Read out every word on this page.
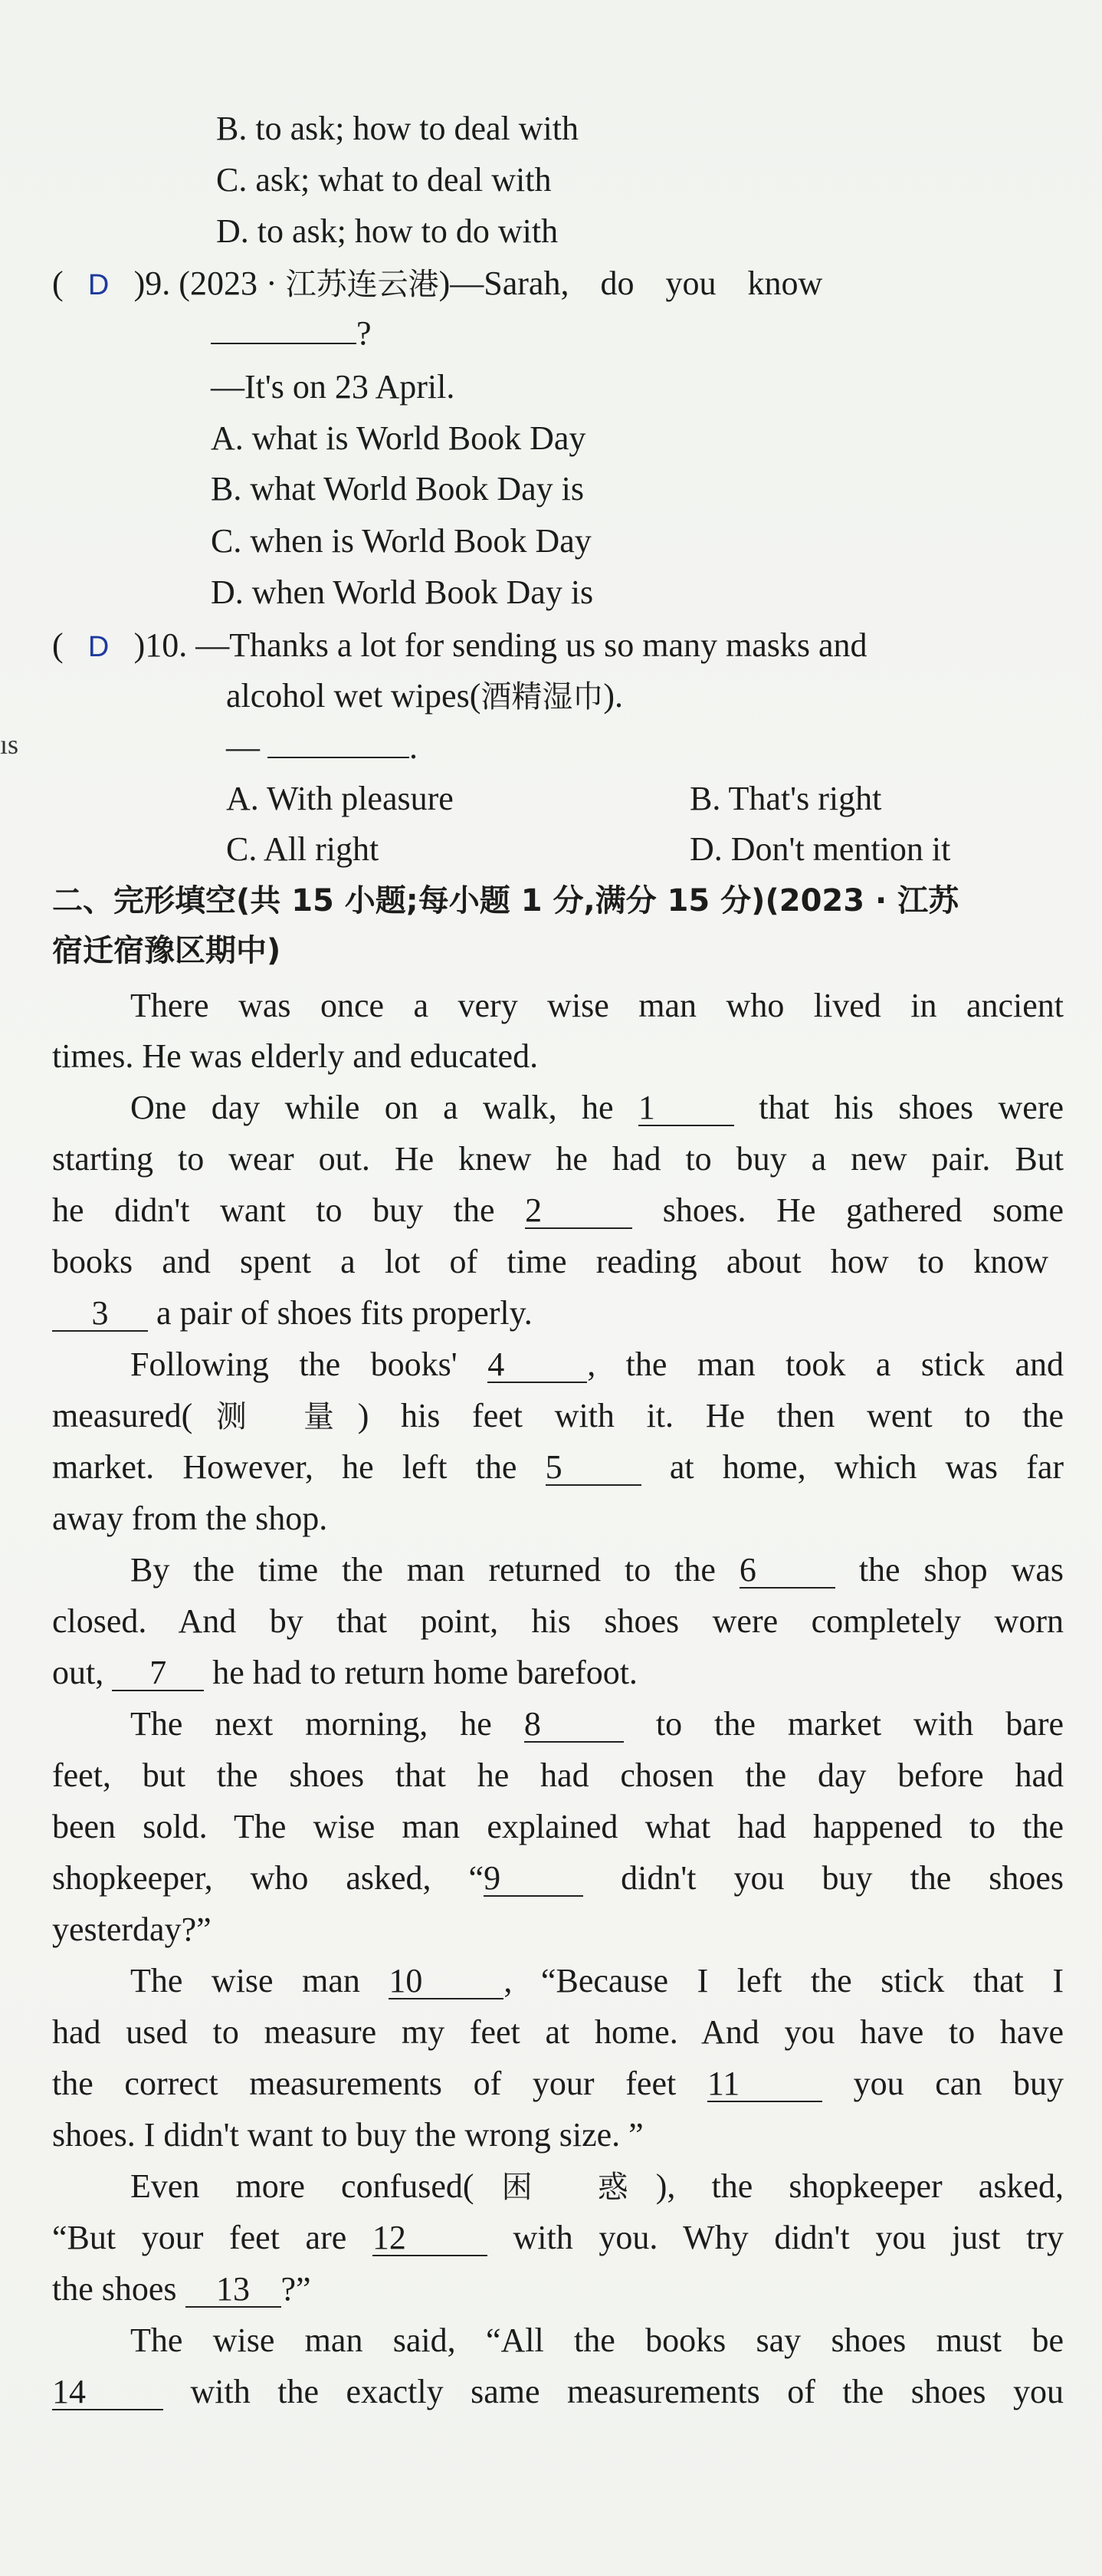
B. to ask; how to deal with
C. ask; what to deal with
D. to ask; how to do with
( D )9. (2023 · 江苏连云港)—Sarah, do you know
?
—It's on 23 April.
A. what is World Book Day
B. what World Book Day is
C. when is World Book Day
D. when World Book Day is
( D )10. —Thanks a lot for sending us so many masks and
alcohol wet wipes(酒精湿巾).
ıs	—	.
A. With pleasure	B. That's right
C. All right	D. Don't mention it
二、完形填空(共 15 小题;每小题 1 分,满分 15 分)(2023 · 江苏
宿迁宿豫区期中)
There was once a very wise man who lived in ancient
times. He was elderly and educated.
One day while on a walk, he 1	that his shoes were
starting to wear out. He knew he had to buy a new pair. But
he didn't want to buy the 2	shoes. He gathered some
books and spent a lot of time reading about how to know
3 a pair of shoes fits properly.
Following the books' 4 , the man took a stick and
measured(测 量) his feet with it. He then went to the
market. However, he left the 5	at home, which was far
away from the shop.
By the time the man returned to the 6	the shop was
closed. And by that point, his shoes were completely worn
out, 7 he had to return home barefoot.
The next morning, he 8	to the market with bare
feet, but the shoes that he had chosen the day before had
been sold. The wise man explained what had happened to the
shopkeeper, who asked, “9	didn't you buy the shoes
yesterday?”
The wise man 10 , “Because I left the stick that I
had used to measure my feet at home. And you have to have
the correct measurements of your feet 11	you can buy
shoes. I didn't want to buy the wrong size. ”
Even more confused(困 惑), the shopkeeper asked,
“But your feet are 12	with you. Why didn't you just try
the shoes 13 ?”
The wise man said, “All the books say shoes must be
14	with the exactly same measurements of the shoes you
